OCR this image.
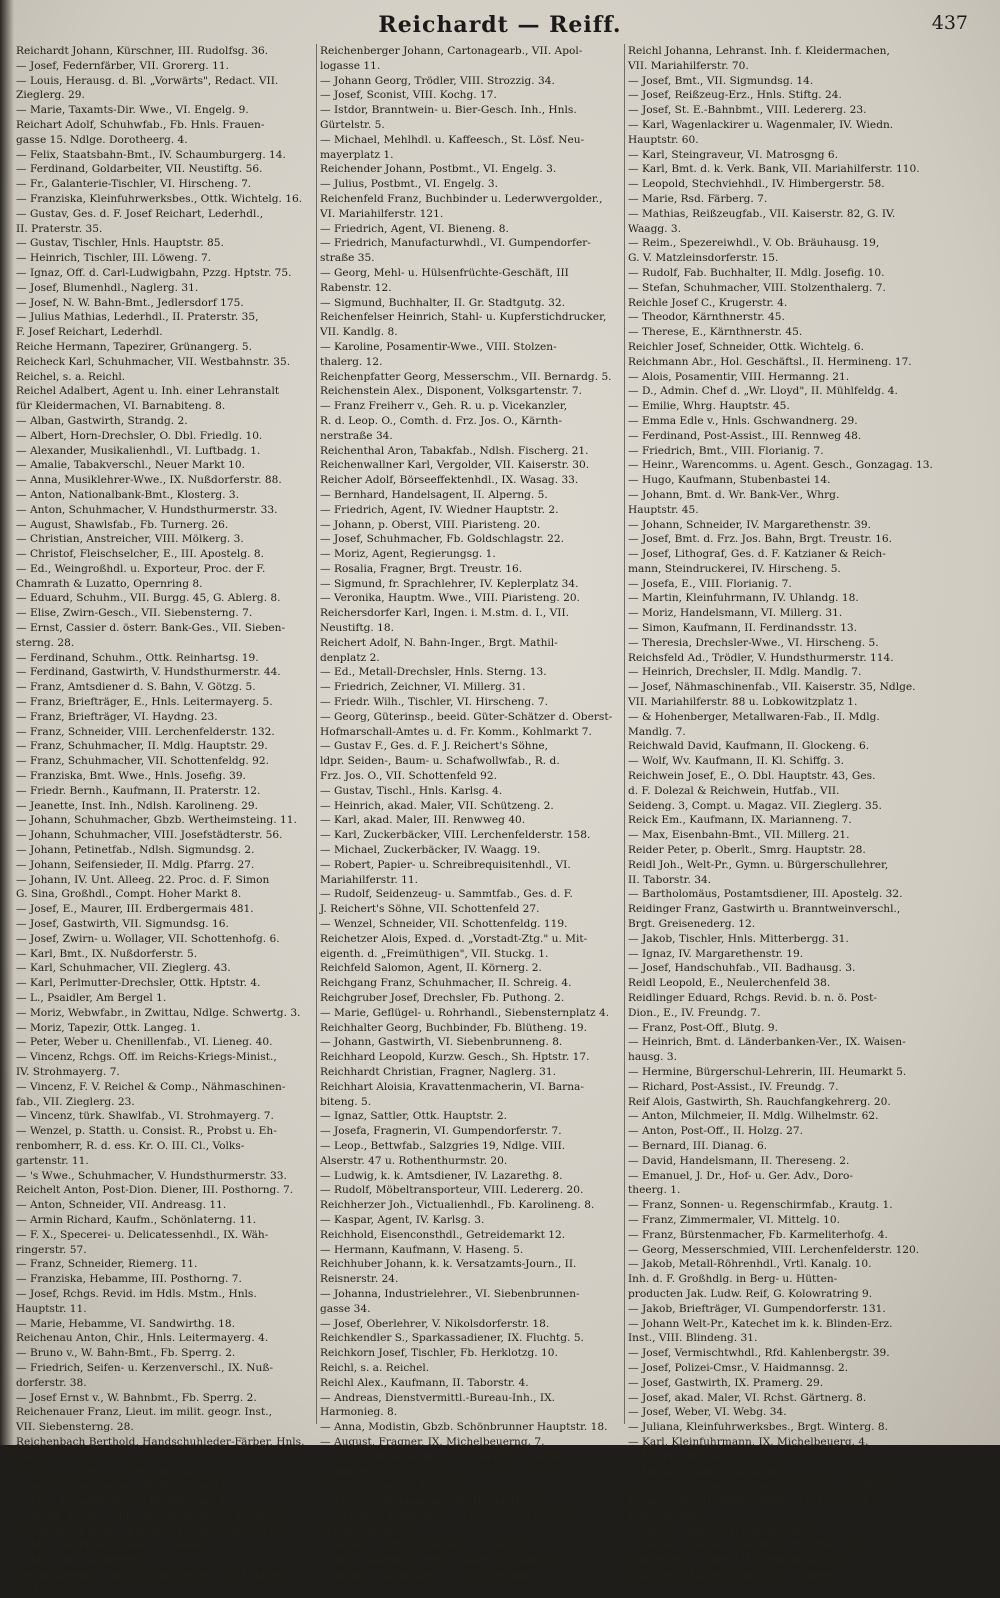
Reichardt — Reiff.	437
Reichardt Johann, Kürschner, III. Rudolfsg. 36.
— Josef, Federnfärber, VII. Grorerg. 11.
— Louis, Herausg. d. Bl. „Vorwärts", Redact. VII.
Zieglerg. 29.
— Marie, Taxamts-Dir. Wwe., VI. Engelg. 9.
Reichart Adolf, Schuhwfab., Fb. Hnls. Frauen-
gasse 15. Ndlge. Dorotheerg. 4.
— Felix, Staatsbahn-Bmt., IV. Schaumburgerg. 14.
— Ferdinand, Goldarbeiter, VII. Neustiftg. 56.
— Fr., Galanterie-Tischler, VI. Hirscheng. 7.
— Franziska, Kleinfuhrwerksbes., Ottk. Wichtelg. 16.
— Gustav, Ges. d. F. Josef Reichart, Lederhdl.,
II. Praterstr. 35.
— Gustav, Tischler, Hnls. Hauptstr. 85.
— Heinrich, Tischler, III. Löweng. 7.
— Ignaz, Off. d. Carl-Ludwigbahn, Pzzg. Hptstr. 75.
— Josef, Blumenhdl., Naglerg. 31.
— Josef, N. W. Bahn-Bmt., Jedlersdorf 175.
— Julius Mathias, Lederhdl., II. Praterstr. 35,
F. Josef Reichart, Lederhdl.
Reiche Hermann, Tapezirer, Grünangerg. 5.
Reicheck Karl, Schuhmacher, VII. Westbahnstr. 35.
Reichel, s. a. Reichl.
Reichel Adalbert, Agent u. Inh. einer Lehranstalt
für Kleidermachen, VI. Barnabiteng. 8.
— Alban, Gastwirth, Strandg. 2.
— Albert, Horn-Drechsler, O. Dbl. Friedlg. 10.
— Alexander, Musikalienhdl., VI. Luftbadg. 1.
— Amalie, Tabakverschl., Neuer Markt 10.
— Anna, Musiklehrer-Wwe., IX. Nußdorferstr. 88.
— Anton, Nationalbank-Bmt., Klosterg. 3.
— Anton, Schuhmacher, V. Hundsthurmerstr. 33.
— August, Shawlsfab., Fb. Turnerg. 26.
— Christian, Anstreicher, VIII. Mölkerg. 3.
— Christof, Fleischselcher, E., III. Apostelg. 8.
— Ed., Weingroßhdl. u. Exporteur, Proc. der F.
Chamrath & Luzatto, Opernring 8.
— Eduard, Schuhm., VII. Burgg. 45, G. Ablerg. 8.
— Elise, Zwirn-Gesch., VII. Siebensterng. 7.
— Ernst, Cassier d. österr. Bank-Ges., VII. Sieben-
sterng. 28.
— Ferdinand, Schuhm., Ottk. Reinhartsg. 19.
— Ferdinand, Gastwirth, V. Hundsthurmerstr. 44.
— Franz, Amtsdiener d. S. Bahn, V. Götzg. 5.
— Franz, Briefträger, E., Hnls. Leitermayerg. 5.
— Franz, Briefträger, VI. Haydng. 23.
— Franz, Schneider, VIII. Lerchenfelderstr. 132.
— Franz, Schuhmacher, II. Mdlg. Hauptstr. 29.
— Franz, Schuhmacher, VII. Schottenfeldg. 92.
— Franziska, Bmt. Wwe., Hnls. Josefig. 39.
— Friedr. Bernh., Kaufmann, II. Praterstr. 12.
— Jeanette, Inst. Inh., Ndlsh. Karolineng. 29.
— Johann, Schuhmacher, Gbzb. Wertheimsteing. 11.
— Johann, Schuhmacher, VIII. Josefstädterstr. 56.
— Johann, Petinetfab., Ndlsh. Sigmundsg. 2.
— Johann, Seifensieder, II. Mdlg. Pfarrg. 27.
— Johann, IV. Unt. Alleeg. 22. Proc. d. F. Simon
G. Sina, Großhdl., Compt. Hoher Markt 8.
— Josef, E., Maurer, III. Erdbergermais 481.
— Josef, Gastwirth, VII. Sigmundsg. 16.
— Josef, Zwirn- u. Wollager, VII. Schottenhofg. 6.
— Karl, Bmt., IX. Nußdorferstr. 5.
— Karl, Schuhmacher, VII. Zieglerg. 43.
— Karl, Perlmutter-Drechsler, Ottk. Hptstr. 4.
— L., Psaidler, Am Bergel 1.
— Moriz, Webwfabr., in Zwittau, Ndlge. Schwertg. 3.
— Moriz, Tapezir, Ottk. Langeg. 1.
— Peter, Weber u. Chenillenfab., VI. Lieneg. 40.
— Vincenz, Rchgs. Off. im Reichs-Kriegs-Minist.,
IV. Strohmayerg. 7.
— Vincenz, F. V. Reichel & Comp., Nähmaschinen-
fab., VII. Zieglerg. 23.
— Vincenz, türk. Shawlfab., VI. Strohmayerg. 7.
— Wenzel, p. Statth. u. Consist. R., Probst u. Eh-
renbomherr, R. d. ess. Kr. O. III. Cl., Volks-
gartenstr. 11.
— 's Wwe., Schuhmacher, V. Hundsthurmerstr. 33.
Reichelt Anton, Post-Dion. Diener, III. Posthorng. 7.
— Anton, Schneider, VII. Andreasg. 11.
— Armin Richard, Kaufm., Schönlaterng. 11.
— F. X., Specerei- u. Delicatessenhdl., IX. Wäh-
ringerstr. 57.
— Franz, Schneider, Riemerg. 11.
— Franziska, Hebamme, III. Posthorng. 7.
— Josef, Rchgs. Revid. im Hdls. Mstm., Hnls.
Hauptstr. 11.
— Marie, Hebamme, VI. Sandwirthg. 18.
Reichenau Anton, Chir., Hnls. Leitermayerg. 4.
— Bruno v., W. Bahn-Bmt., Fb. Sperrg. 2.
— Friedrich, Seifen- u. Kerzenverschl., IX. Nuß-
dorferstr. 38.
— Josef Ernst v., W. Bahnbmt., Fb. Sperrg. 2.
Reichenauer Franz, Lieut. im milit. geogr. Inst.,
VII. Siebensterng. 28.
Reichenbach Berthold, Handschuhleder-Färber, Hnls.
Sackg. 15.
— Georg, Ingen., II. Novarag. 44.
— Josef, Schuhmacher, IX. Wieseng. 15.
— Karl, Postamtsdiener, IX. Wieseng. 15.
— Reinh. Freih. v., Ph. Dr., Chemiker, IV. Karlsg. 5.
Reichenberg Heinr., Kaufm., IV. Schleismühlg. 16.
— Michael, Handelsmann, Graben 31.
— Michael, VII. Breiteg. 7.
Reichenberger Franz, Branntweinerz., N. Lchf. verl.
Zinkg. 289.
Reichenberger Johann, Cartonagearb., VII. Apol-
logasse 11.
— Johann Georg, Trödler, VIII. Strozzig. 34.
— Josef, Sconist, VIII. Kochg. 17.
— Istdor, Branntwein- u. Bier-Gesch. Inh., Hnls.
Gürtelstr. 5.
— Michael, Mehlhdl. u. Kaffeesch., St. Lösf. Neu-
mayerplatz 1.
Reichender Johann, Postbmt., VI. Engelg. 3.
— Julius, Postbmt., VI. Engelg. 3.
Reichenfeld Franz, Buchbinder u. Lederwvergolder.,
VI. Mariahilferstr. 121.
— Friedrich, Agent, VI. Bieneng. 8.
— Friedrich, Manufacturwhdl., VI. Gumpendorfer-
straße 35.
— Georg, Mehl- u. Hülsenfrüchte-Geschäft, III
Rabenstr. 12.
— Sigmund, Buchhalter, II. Gr. Stadtgutg. 32.
Reichenfelser Heinrich, Stahl- u. Kupferstichdrucker,
VII. Kandlg. 8.
— Karoline, Posamentir-Wwe., VIII. Stolzen-
thalerg. 12.
Reichenpfatter Georg, Messerschm., VII. Bernardg. 5.
Reichenstein Alex., Disponent, Volksgartenstr. 7.
— Franz Freiherr v., Geh. R. u. p. Vicekanzler,
R. d. Leop. O., Comth. d. Frz. Jos. O., Kärnth-
nerstraße 34.
Reichenthal Aron, Tabakfab., Ndlsh. Fischerg. 21.
Reichenwallner Karl, Vergolder, VII. Kaiserstr. 30.
Reicher Adolf, Börseeffektenhdl., IX. Wasag. 33.
— Bernhard, Handelsagent, II. Alperng. 5.
— Friedrich, Agent, IV. Wiedner Hauptstr. 2.
— Johann, p. Oberst, VIII. Piaristeng. 20.
— Josef, Schuhmacher, Fb. Goldschlagstr. 22.
— Moriz, Agent, Regierungsg. 1.
— Rosalia, Fragner, Brgt. Treustr. 16.
— Sigmund, fr. Sprachlehrer, IV. Keplerplatz 34.
— Veronika, Hauptm. Wwe., VIII. Piaristeng. 20.
Reichersdorfer Karl, Ingen. i. M.stm. d. I., VII.
Neustiftg. 18.
Reichert Adolf, N. Bahn-Inger., Brgt. Mathil-
denplatz 2.
— Ed., Metall-Drechsler, Hnls. Sterng. 13.
— Friedrich, Zeichner, VI. Millerg. 31.
— Friedr. Wilh., Tischler, VI. Hirscheng. 7.
— Georg, Güterinsp., beeid. Güter-Schätzer d. Oberst-
Hofmarschall-Amtes u. d. Fr. Komm., Kohlmarkt 7.
— Gustav F., Ges. d. F. J. Reichert's Söhne,
ldpr. Seiden-, Baum- u. Schafwollwfab., R. d.
Frz. Jos. O., VII. Schottenfeld 92.
— Gustav, Tischl., Hnls. Karlsg. 4.
— Heinrich, akad. Maler, VII. Schützeng. 2.
— Karl, akad. Maler, III. Renwweg 40.
— Karl, Zuckerbäcker, VIII. Lerchenfelderstr. 158.
— Michael, Zuckerbäcker, IV. Waagg. 19.
— Robert, Papier- u. Schreibrequisitenhdl., VI.
Mariahilferstr. 11.
— Rudolf, Seidenzeug- u. Sammtfab., Ges. d. F.
J. Reichert's Söhne, VII. Schottenfeld 27.
— Wenzel, Schneider, VII. Schottenfeldg. 119.
Reichetzer Alois, Exped. d. „Vorstadt-Ztg." u. Mit-
eigenth. d. „Freimüthigen", VII. Stuckg. 1.
Reichfeld Salomon, Agent, II. Körnerg. 2.
Reichgang Franz, Schuhmacher, II. Schreig. 4.
Reichgruber Josef, Drechsler, Fb. Puthong. 2.
— Marie, Geflügel- u. Rohrhandl., Siebensternplatz 4.
Reichhalter Georg, Buchbinder, Fb. Blütheng. 19.
— Johann, Gastwirth, VI. Siebenbrunneng. 8.
Reichhard Leopold, Kurzw. Gesch., Sh. Hptstr. 17.
Reichhardt Christian, Fragner, Naglerg. 31.
Reichhart Aloisia, Kravattenmacherin, VI. Barna-
biteng. 5.
— Ignaz, Sattler, Ottk. Hauptstr. 2.
— Josefa, Fragnerin, VI. Gumpendorferstr. 7.
— Leop., Bettwfab., Salzgries 19, Ndlge. VIII.
Alserstr. 47 u. Rothenthurmstr. 20.
— Ludwig, k. k. Amtsdiener, IV. Lazarethg. 8.
— Rudolf, Möbeltransporteur, VIII. Ledererg. 20.
Reichherzer Joh., Victualienhdl., Fb. Karolineng. 8.
— Kaspar, Agent, IV. Karlsg. 3.
Reichhold, Eisenconsthdl., Getreidemarkt 12.
— Hermann, Kaufmann, V. Haseng. 5.
Reichhuber Johann, k. k. Versatzamts-Journ., II.
Reisnerstr. 24.
— Johanna, Industrielehrer., VI. Siebenbrunnen-
gasse 34.
— Josef, Oberlehrer, V. Nikolsdorferstr. 18.
Reichkendler S., Sparkassadiener, IX. Fluchtg. 5.
Reichkorn Josef, Tischler, Fb. Herklotzg. 10.
Reichl, s. a. Reichel.
Reichl Alex., Kaufmann, II. Taborstr. 4.
— Andreas, Dienstvermittl.-Bureau-Inh., IX.
Harmonieg. 8.
— Anna, Modistin, Gbzb. Schönbrunner Hauptstr. 18.
— August, Fragner, IX. Michelbeuerng. 7.
— Franz, Wagenlackirer u. Maler, IV. Wiedner
Hauptstr. 60.
— Franz, Fragner, Wallnerstr. 7.
— Franz, Schuhmacher, Sh. Hauptstr. 31.
— Heinrich, Kaufmann, V. Franzensg. 17, G. IV.
Margarethenstr. 6.
— Johann, Vermischtwhdl., V. Grüng. 22.
— Joh., Wagenlackirer u. Maler, III. Salmg. 5.
— Johann, Zimmerputzer, IV. Goldeggg. 28.
Reichl Johanna, Lehranst. Inh. f. Kleidermachen,
VII. Mariahilferstr. 70.
— Josef, Bmt., VII. Sigmundsg. 14.
— Josef, Reißzeug-Erz., Hnls. Stiftg. 24.
— Josef, St. E.-Bahnbmt., VIII. Ledererg. 23.
— Karl, Wagenlackirer u. Wagenmaler, IV. Wiedn.
Hauptstr. 60.
— Karl, Steingraveur, VI. Matrosgng 6.
— Karl, Bmt. d. k. Verk. Bank, VII. Mariahilferstr. 110.
— Leopold, Stechviehhdl., IV. Himbergerstr. 58.
— Marie, Rsd. Färberg. 7.
— Mathias, Reißzeugfab., VII. Kaiserstr. 82, G. IV.
Waagg. 3.
— Reim., Spezereiwhdl., V. Ob. Bräuhausg. 19,
G. V. Matzleinsdorferstr. 15.
— Rudolf, Fab. Buchhalter, II. Mdlg. Josefig. 10.
— Stefan, Schuhmacher, VIII. Stolzenthalerg. 7.
Reichle Josef C., Krugerstr. 4.
— Theodor, Kärnthnerstr. 45.
— Therese, E., Kärnthnerstr. 45.
Reichler Josef, Schneider, Ottk. Wichtelg. 6.
Reichmann Abr., Hol. Geschäftsl., II. Hermineng. 17.
— Alois, Posamentir, VIII. Hermanng. 21.
— D., Admin. Chef d. „Wr. Lloyd", II. Mühlfeldg. 4.
— Emilie, Whrg. Hauptstr. 45.
— Emma Edle v., Hnls. Gschwandnerg. 29.
— Ferdinand, Post-Assist., III. Rennweg 48.
— Friedrich, Bmt., VIII. Florianig. 7.
— Heinr., Warencomms. u. Agent. Gesch., Gonzagag. 13.
— Hugo, Kaufmann, Stubenbastei 14.
— Johann, Bmt. d. Wr. Bank-Ver., Whrg.
Hauptstr. 45.
— Johann, Schneider, IV. Margarethenstr. 39.
— Josef, Bmt. d. Frz. Jos. Bahn, Brgt. Treustr. 16.
— Josef, Lithograf, Ges. d. F. Katzianer & Reich-
mann, Steindruckerei, IV. Hirscheng. 5.
— Josefa, E., VIII. Florianig. 7.
— Martin, Kleinfuhrmann, IV. Uhlandg. 18.
— Moriz, Handelsmann, VI. Millerg. 31.
— Simon, Kaufmann, II. Ferdinandsstr. 13.
— Theresia, Drechsler-Wwe., VI. Hirscheng. 5.
Reichsfeld Ad., Trödler, V. Hundsthurmerstr. 114.
— Heinrich, Drechsler, II. Mdlg. Mandlg. 7.
— Josef, Nähmaschinenfab., VII. Kaiserstr. 35, Ndlge.
VII. Mariahilferstr. 88 u. Lobkowitzplatz 1.
— & Hohenberger, Metallwaren-Fab., II. Mdlg.
Mandlg. 7.
Reichwald David, Kaufmann, II. Glockeng. 6.
— Wolf, Wv. Kaufmann, II. Kl. Schiffg. 3.
Reichwein Josef, E., O. Dbl. Hauptstr. 43, Ges.
d. F. Dolezal & Reichwein, Hutfab., VII.
Seideng. 3, Compt. u. Magaz. VII. Zieglerg. 35.
Reick Em., Kaufmann, IX. Marianneng. 7.
— Max, Eisenbahn-Bmt., VII. Millerg. 21.
Reider Peter, p. Oberlt., Smrg. Hauptstr. 28.
Reidl Joh., Welt-Pr., Gymn. u. Bürgerschullehrer,
II. Taborstr. 34.
— Bartholomäus, Postamtsdiener, III. Apostelg. 32.
Reidinger Franz, Gastwirth u. Branntweinverschl.,
Brgt. Greisenederg. 12.
— Jakob, Tischler, Hnls. Mitterbergg. 31.
— Ignaz, IV. Margarethenstr. 19.
— Josef, Handschuhfab., VII. Badhausg. 3.
Reidl Leopold, E., Neulerchenfeld 38.
Reidlinger Eduard, Rchgs. Revid. b. n. ö. Post-
Dion., E., IV. Freundg. 7.
— Franz, Post-Off., Blutg. 9.
— Heinrich, Bmt. d. Länderbanken-Ver., IX. Waisen-
hausg. 3.
— Hermine, Bürgerschul-Lehrerin, III. Heumarkt 5.
— Richard, Post-Assist., IV. Freundg. 7.
Reif Alois, Gastwirth, Sh. Rauchfangkehrerg. 20.
— Anton, Milchmeier, II. Mdlg. Wilhelmstr. 62.
— Anton, Post-Off., II. Holzg. 27.
— Bernard, III. Dianag. 6.
— David, Handelsmann, II. Thereseng. 2.
— Emanuel, J. Dr., Hof- u. Ger. Adv., Doro-
theerg. 1.
— Franz, Sonnen- u. Regenschirmfab., Krautg. 1.
— Franz, Zimmermaler, VI. Mittelg. 10.
— Franz, Bürstenmacher, Fb. Karmeliterhofg. 4.
— Georg, Messerschmied, VIII. Lerchenfelderstr. 120.
— Jakob, Metall-Röhrenhdl., Vrtl. Kanalg. 10.
Inh. d. F. Großhdlg. in Berg- u. Hütten-
producten Jak. Ludw. Reif, G. Kolowratring 9.
— Jakob, Briefträger, VI. Gumpendorferstr. 131.
— Johann Welt-Pr., Katechet im k. k. Blinden-Erz.
Inst., VIII. Blindeng. 31.
— Josef, Vermischtwhdl., Rfd. Kahlenbergstr. 39.
— Josef, Polizei-Cmsr., V. Haidmannsg. 2.
— Josef, Gastwirth, IX. Pramerg. 29.
— Josef, akad. Maler, VI. Rchst. Gärtnerg. 8.
— Josef, Weber, VI. Webg. 34.
— Juliana, Kleinfuhrwerksbes., Brgt. Winterg. 8.
— Karl, Kleinfuhrmann, IX. Michelbeuerg. 4.
— M., Pfaidler, Rosig. 16.
— Moriz, Kanzlist, Gonzagag. 11.
— Rosa F., Sonnen- u. Regenschirmfab., IV. Wiedn.
Hauptstraße 81, Ndlge. Rothg. 19, Krautg. 2 u.
Fleischmarkt 7.
— Rudolf, Ingen., IV. Karolineng. 28.
— Rudolf, Clavierlehrer, Brgt. Brigittag. 36.
Reiffer Felix, Ingen., II. Ferdinandstr. 31.
Reiff Betti, Kinder-Confection, Seilerg. 7.
